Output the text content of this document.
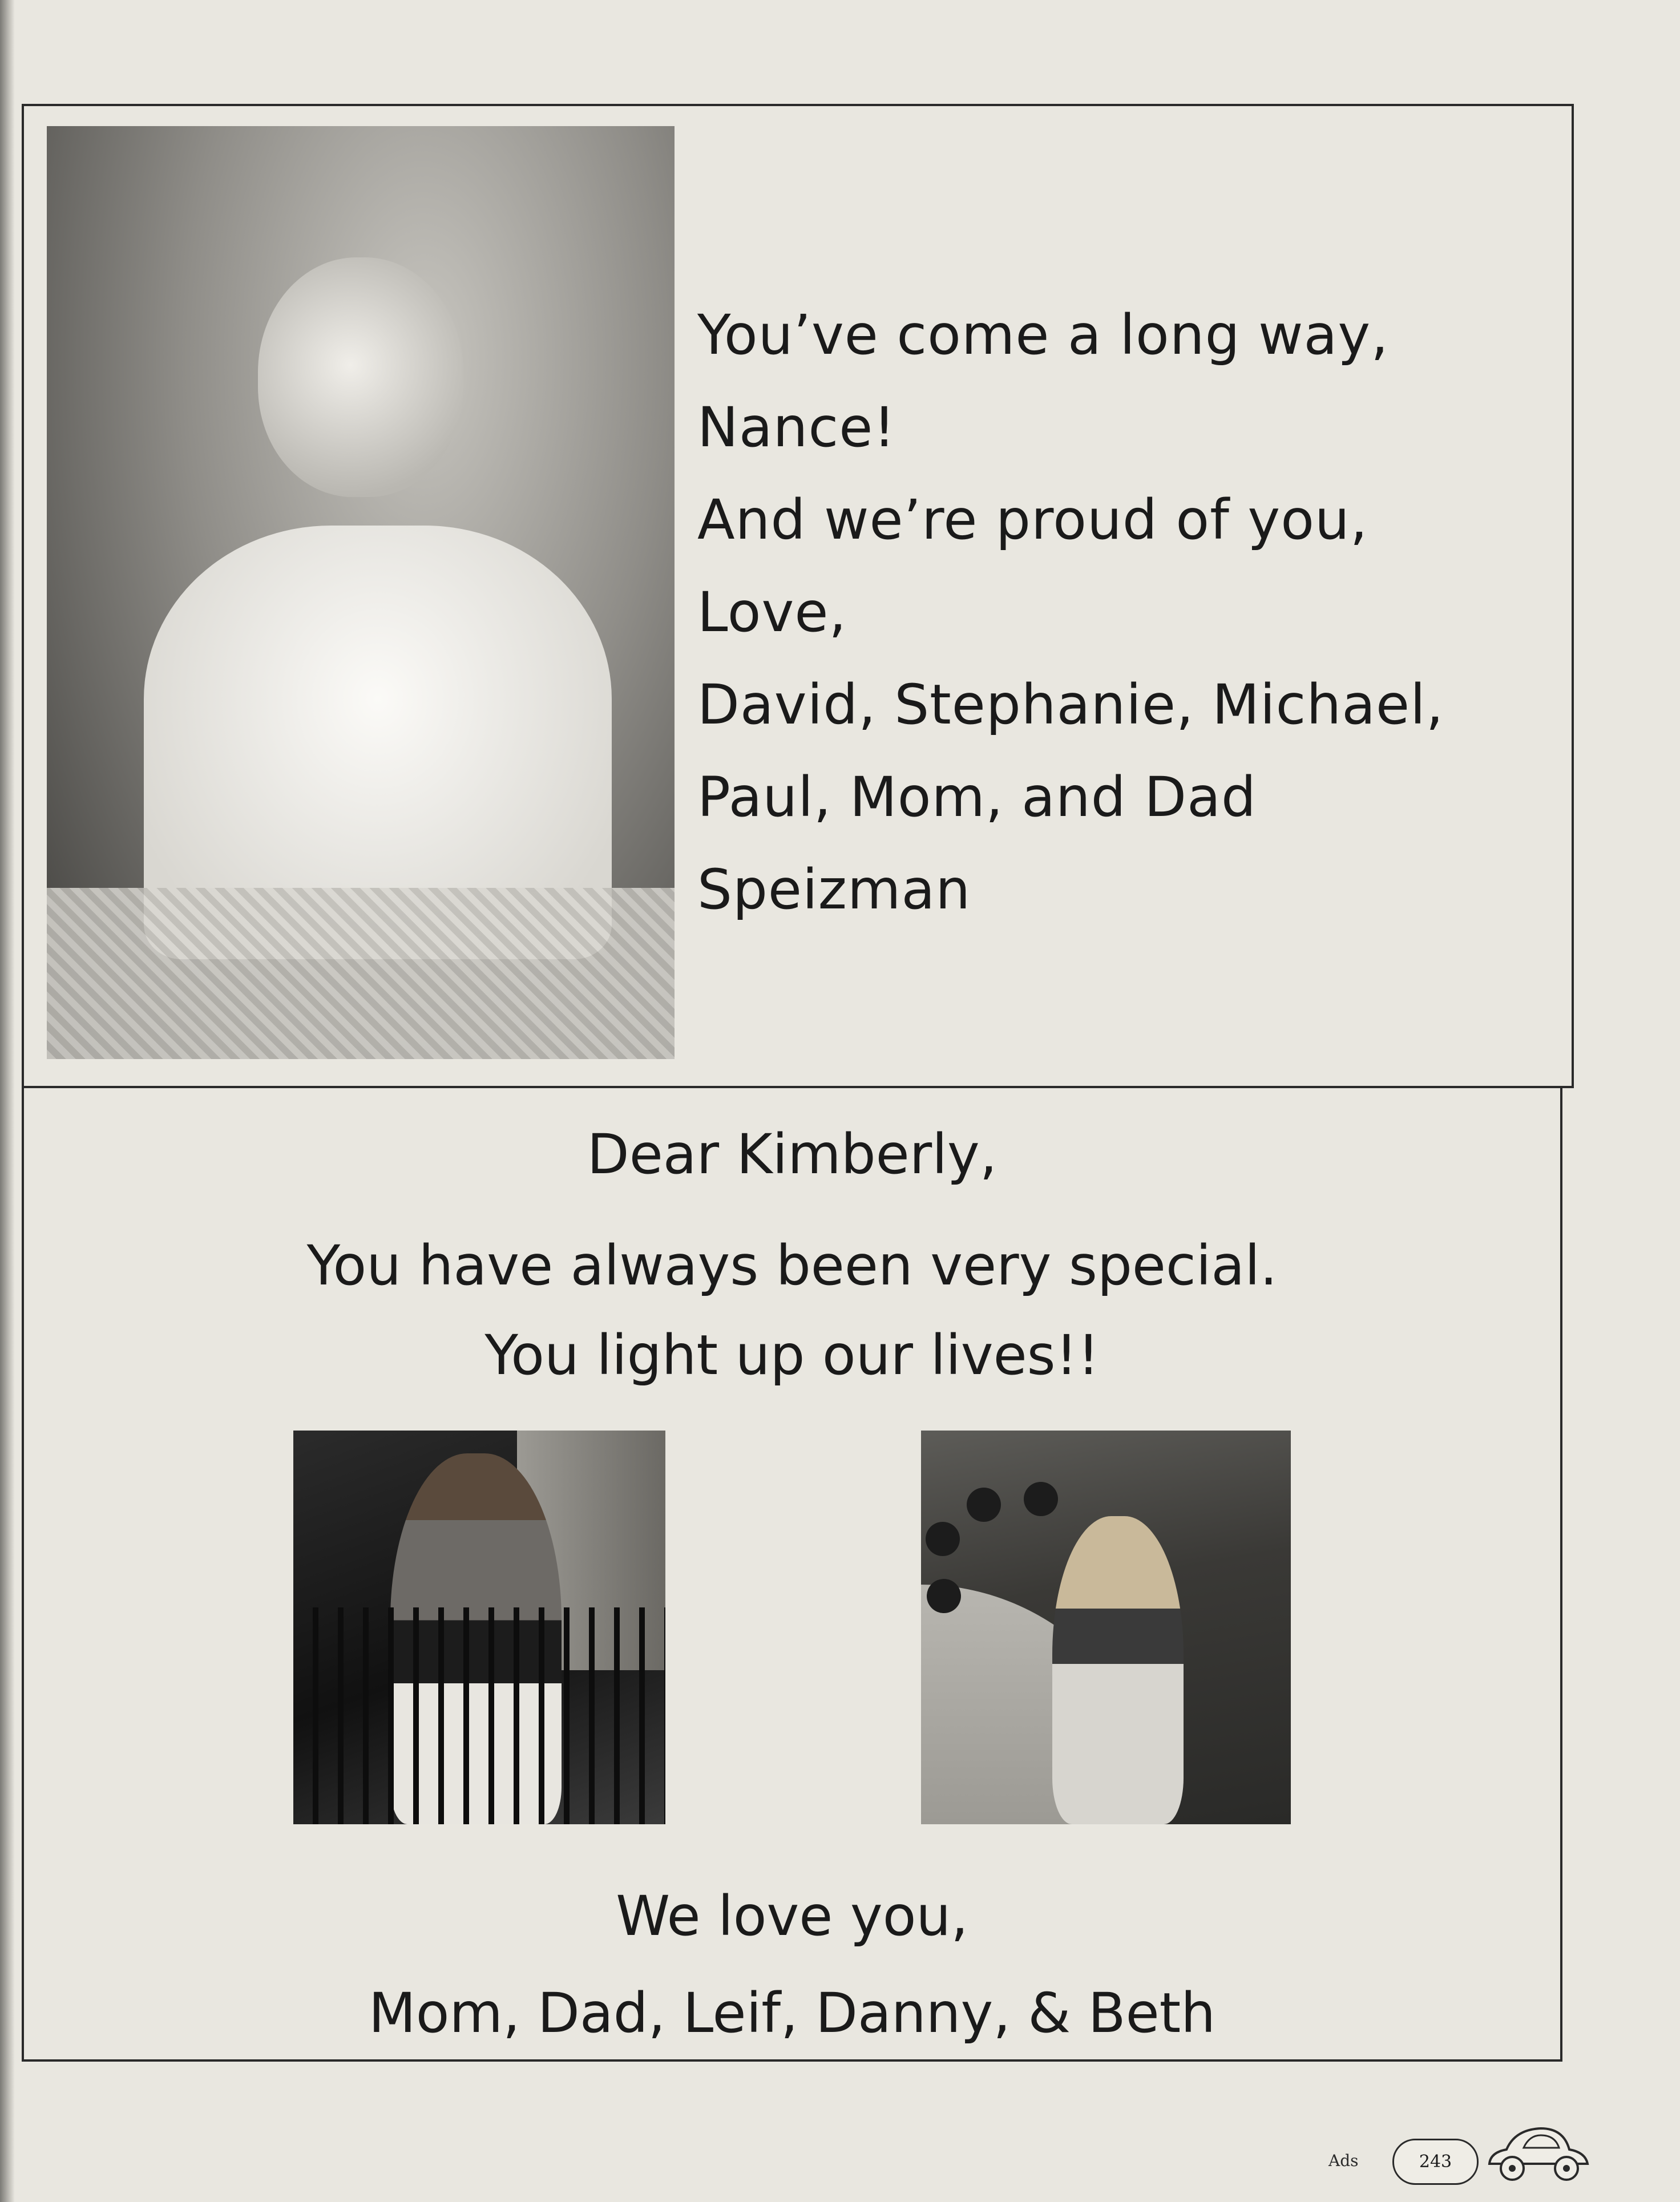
You’ve come a long way,
Nance!
And we’re proud of you,
Love,
David, Stephanie, Michael,
Paul, Mom, and Dad
Speizman
Dear Kimberly,
You have always been very special.
You light up our lives!!
We love you,
Mom, Dad, Leif, Danny, & Beth
Ads	243
